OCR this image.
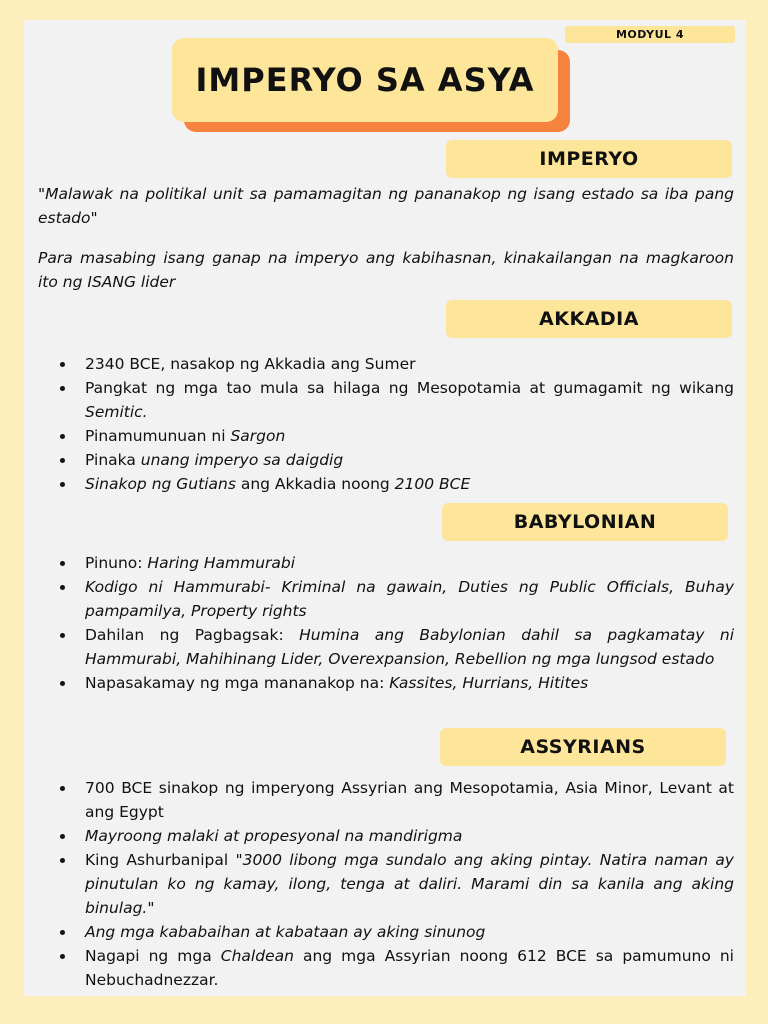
MODYUL 4
IMPERYO SA ASYA
IMPERYO
"Malawak na politikal unit sa pamamagitan ng pananakop ng isang estado sa iba pang estado"
Para masabing isang ganap na imperyo ang kabihasnan, kinakailangan na magkaroon ito ng ISANG lider
AKKADIA
2340 BCE, nasakop ng Akkadia ang Sumer
Pangkat ng mga tao mula sa hilaga ng Mesopotamia at gumagamit ng wikang Semitic.
Pinamumunuan ni Sargon
Pinaka unang imperyo sa daigdig
Sinakop ng Gutians ang Akkadia noong 2100 BCE
BABYLONIAN
Pinuno: Haring Hammurabi
Kodigo ni Hammurabi- Kriminal na gawain, Duties ng Public Officials, Buhay pampamilya, Property rights
Dahilan ng Pagbagsak: Humina ang Babylonian dahil sa pagkamatay ni Hammurabi, Mahihinang Lider, Overexpansion, Rebellion ng mga lungsod estado
Napasakamay ng mga mananakop na: Kassites, Hurrians, Hitites
ASSYRIANS
700 BCE sinakop ng imperyong Assyrian ang Mesopotamia, Asia Minor, Levant at ang Egypt
Mayroong malaki at propesyonal na mandirigma
King Ashurbanipal "3000 libong mga sundalo ang aking pintay. Natira naman ay pinutulan ko ng kamay, ilong, tenga at daliri. Marami din sa kanila ang aking binulag."
Ang mga kababaihan at kabataan ay aking sinunog
Nagapi ng mga Chaldean ang mga Assyrian noong 612 BCE sa pamumuno ni Nebuchadnezzar.
